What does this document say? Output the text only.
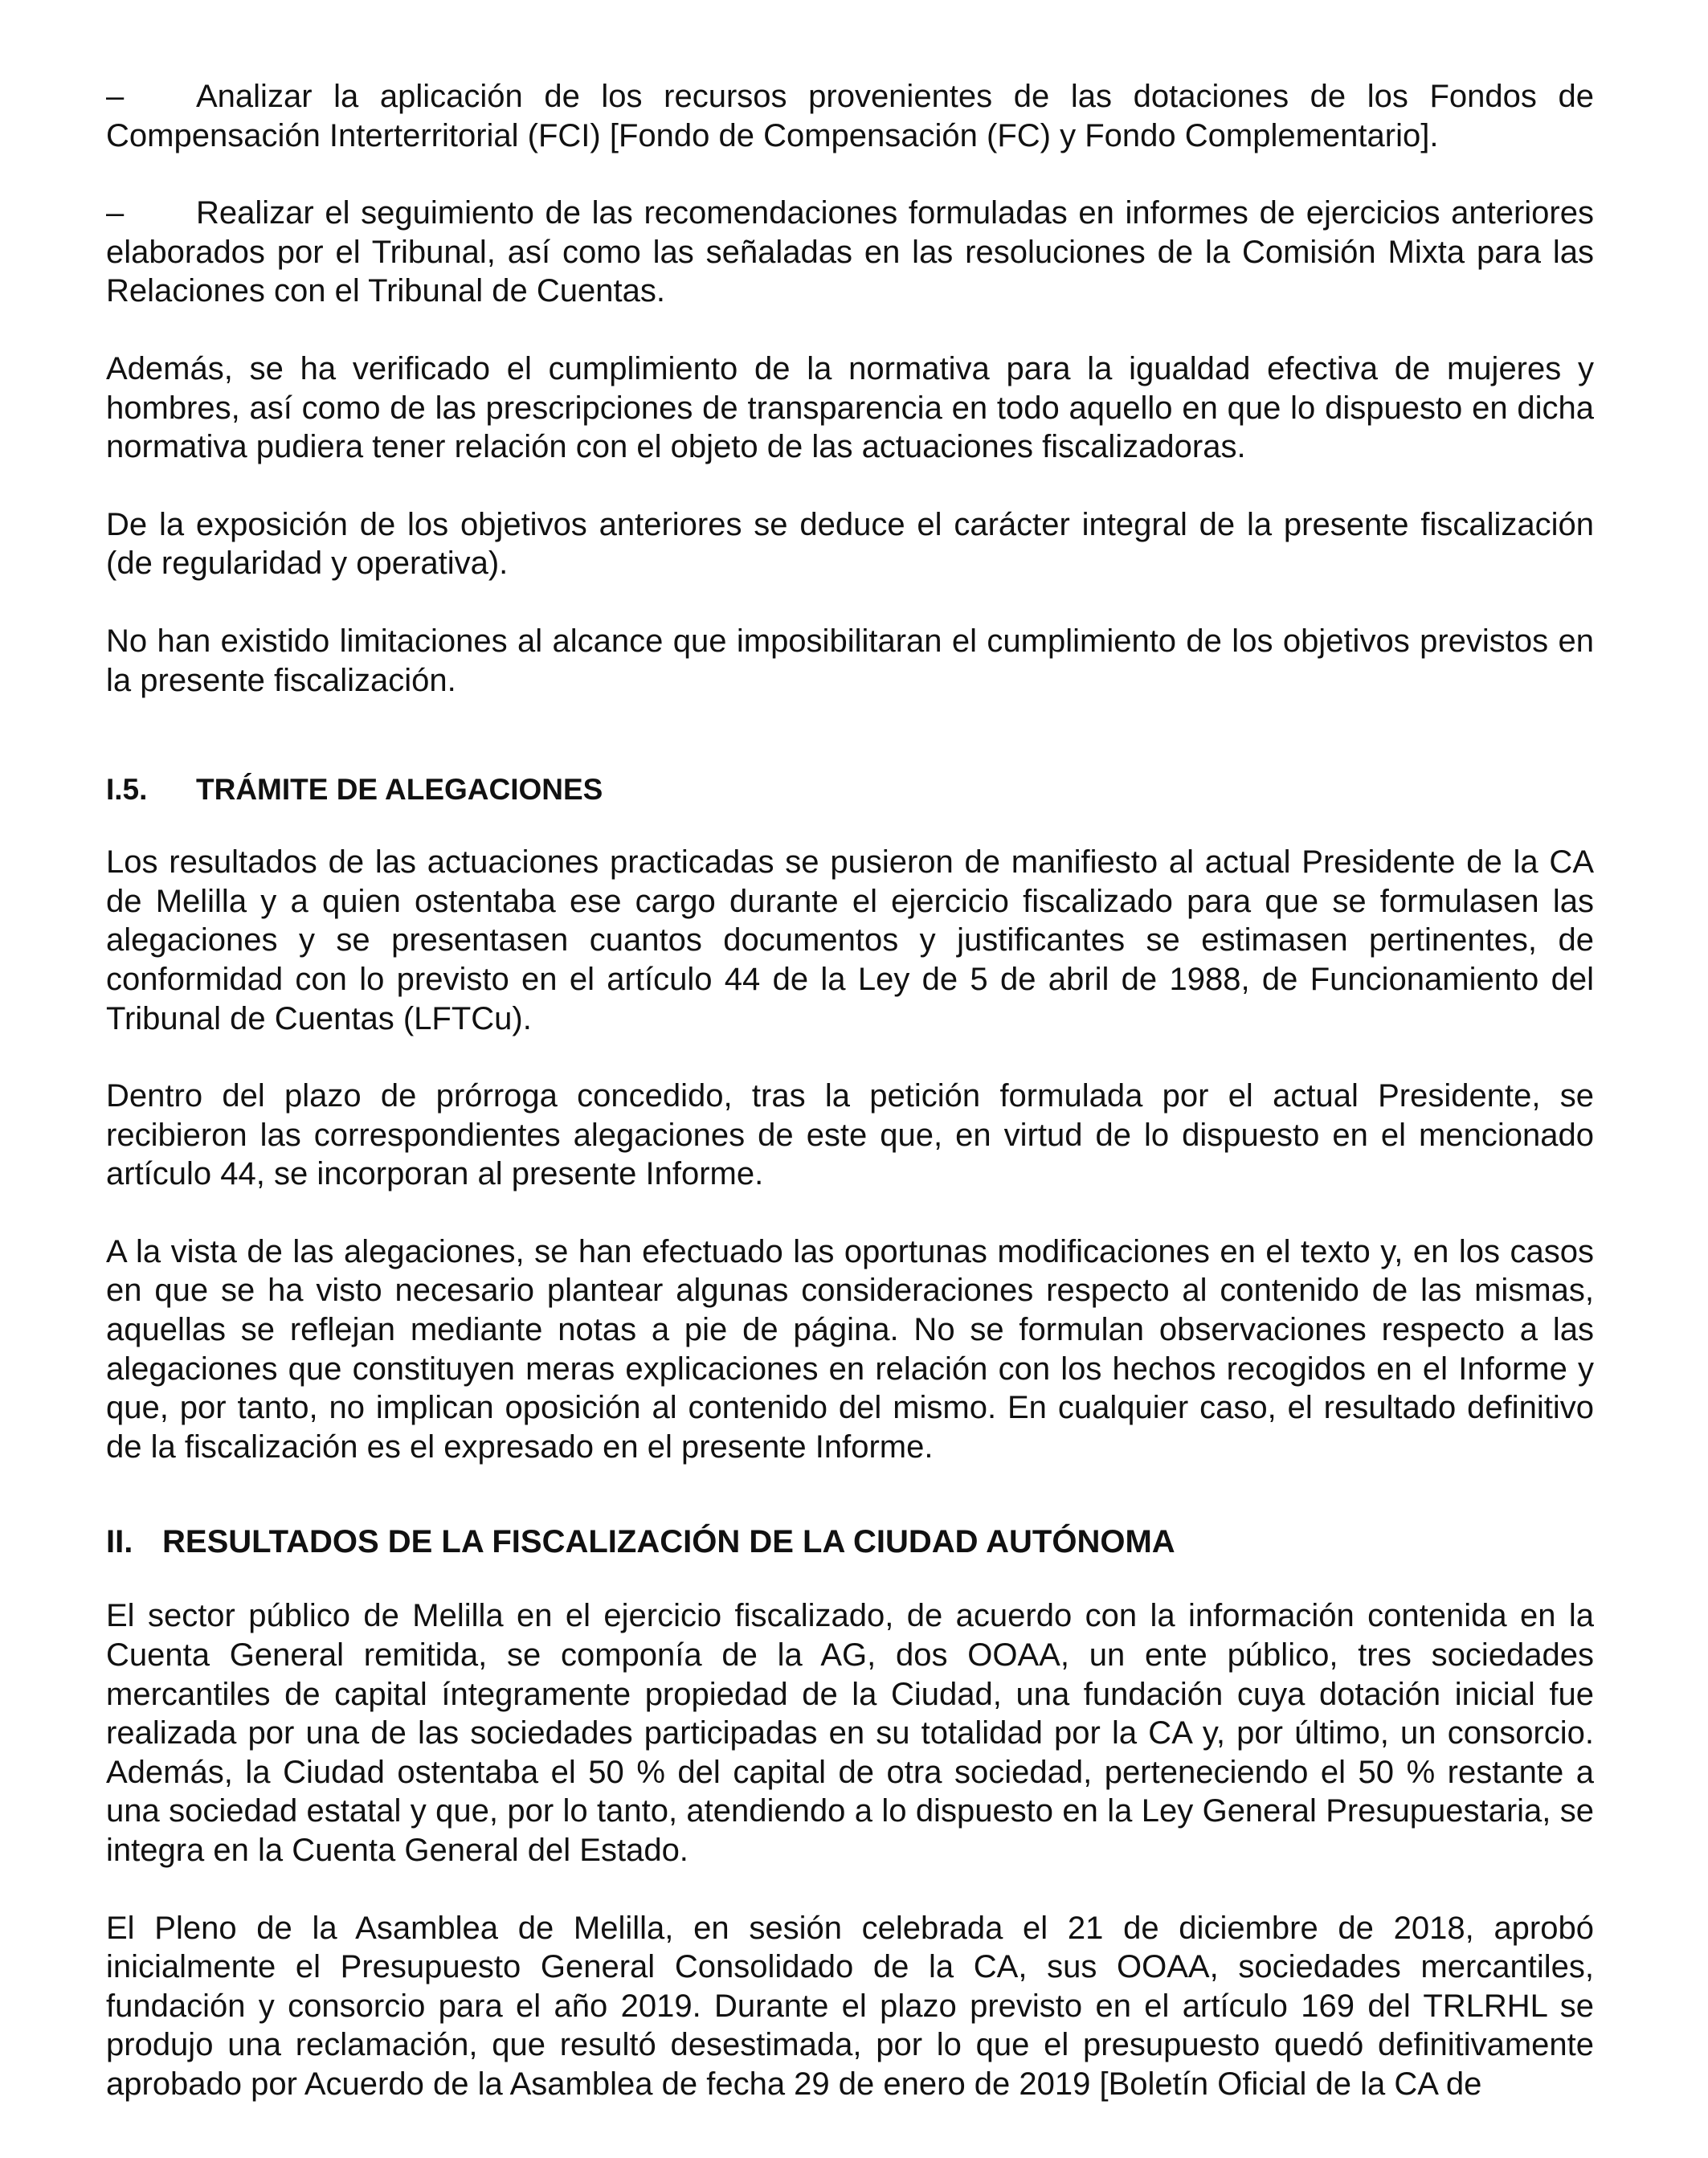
–	Analizar la aplicación de los recursos provenientes de las dotaciones de los Fondos de Compensación Interterritorial (FCI) [Fondo de Compensación (FC) y Fondo Complementario].

–	Realizar el seguimiento de las recomendaciones formuladas en informes de ejercicios anteriores elaborados por el Tribunal, así como las señaladas en las resoluciones de la Comisión Mixta para las Relaciones con el Tribunal de Cuentas.

Además, se ha verificado el cumplimiento de la normativa para la igualdad efectiva de mujeres y hombres, así como de las prescripciones de transparencia en todo aquello en que lo dispuesto en dicha normativa pudiera tener relación con el objeto de las actuaciones fiscalizadoras.

De la exposición de los objetivos anteriores se deduce el carácter integral de la presente fiscalización (de regularidad y operativa).

No han existido limitaciones al alcance que imposibilitaran el cumplimiento de los objetivos previstos en la presente fiscalización.

I.5. TRÁMITE DE ALEGACIONES

Los resultados de las actuaciones practicadas se pusieron de manifiesto al actual Presidente de la CA de Melilla y a quien ostentaba ese cargo durante el ejercicio fiscalizado para que se formulasen las alegaciones y se presentasen cuantos documentos y justificantes se estimasen pertinentes, de conformidad con lo previsto en el artículo 44 de la Ley de 5 de abril de 1988, de Funcionamiento del Tribunal de Cuentas (LFTCu).

Dentro del plazo de prórroga concedido, tras la petición formulada por el actual Presidente, se recibieron las correspondientes alegaciones de este que, en virtud de lo dispuesto en el mencionado artículo 44, se incorporan al presente Informe.

A la vista de las alegaciones, se han efectuado las oportunas modificaciones en el texto y, en los casos en que se ha visto necesario plantear algunas consideraciones respecto al contenido de las mismas, aquellas se reflejan mediante notas a pie de página. No se formulan observaciones respecto a las alegaciones que constituyen meras explicaciones en relación con los hechos recogidos en el Informe y que, por tanto, no implican oposición al contenido del mismo. En cualquier caso, el resultado definitivo de la fiscalización es el expresado en el presente Informe.

II. RESULTADOS DE LA FISCALIZACIÓN DE LA CIUDAD AUTÓNOMA

El sector público de Melilla en el ejercicio fiscalizado, de acuerdo con la información contenida en la Cuenta General remitida, se componía de la AG, dos OOAA, un ente público, tres sociedades mercantiles de capital íntegramente propiedad de la Ciudad, una fundación cuya dotación inicial fue realizada por una de las sociedades participadas en su totalidad por la CA y, por último, un consorcio. Además, la Ciudad ostentaba el 50 % del capital de otra sociedad, perteneciendo el 50 % restante a una sociedad estatal y que, por lo tanto, atendiendo a lo dispuesto en la Ley General Presupuestaria, se integra en la Cuenta General del Estado.

El Pleno de la Asamblea de Melilla, en sesión celebrada el 21 de diciembre de 2018, aprobó inicialmente el Presupuesto General Consolidado de la CA, sus OOAA, sociedades mercantiles, fundación y consorcio para el año 2019. Durante el plazo previsto en el artículo 169 del TRLRHL se produjo una reclamación, que resultó desestimada, por lo que el presupuesto quedó definitivamente aprobado por Acuerdo de la Asamblea de fecha 29 de enero de 2019 [Boletín Oficial de la CA de
